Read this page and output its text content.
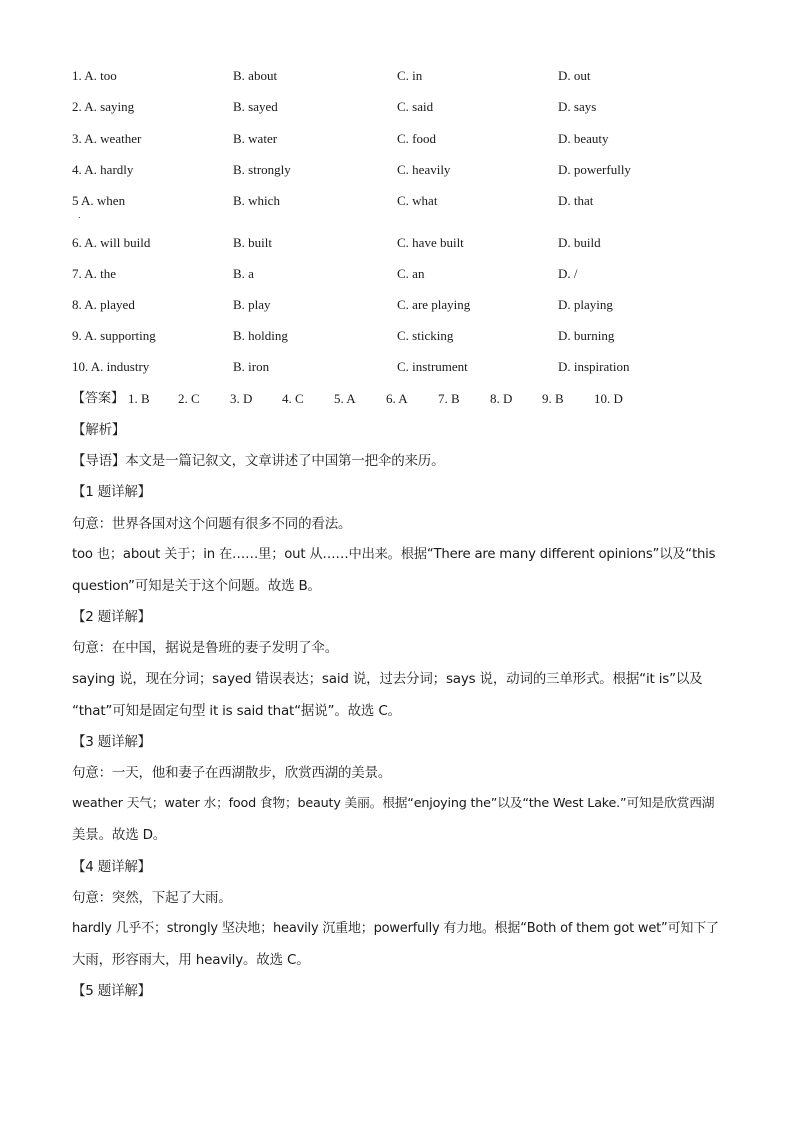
1. A. too	B. about	C. in	D. out
2. A. saying	B. sayed	C. said	D. says
3. A. weather	B. water	C. food	D. beauty
4. A. hardly	B. strongly	C. heavily	D. powerfully
5 A. when	B. which	C. what	D. that
.
6. A. will build	B. built	C. have built	D. build
7. A. the	B. a	C. an	D. /
8. A. played	B. play	C. are playing	D. playing
9. A. supporting	B. holding	C. sticking	D. burning
10. A. industry	B. iron	C. instrument	D. inspiration
【答案】 1. B 2. C 3. D 4. C 5. A 6. A 7. B 8. D 9. B 10. D
【解析】
【导语】本文是一篇记叙文，文章讲述了中国第一把伞的来历。
【1 题详解】
句意：世界各国对这个问题有很多不同的看法。
too 也；about 关于；in 在……里；out 从……中出来。根据“There are many different opinions”以及“this
question”可知是关于这个问题。故选 B。
【2 题详解】
句意：在中国，据说是鲁班的妻子发明了伞。
saying 说，现在分词；sayed 错误表达；said 说，过去分词；says 说，动词的三单形式。根据“it is”以及
“that”可知是固定句型 it is said that“据说”。故选 C。
【3 题详解】
句意：一天，他和妻子在西湖散步，欣赏西湖的美景。
weather 天气；water 水；food 食物；beauty 美丽。根据“enjoying the”以及“the West Lake.”可知是欣赏西湖
美景。故选 D。
【4 题详解】
句意：突然，下起了大雨。
hardly 几乎不；strongly 坚决地；heavily 沉重地；powerfully 有力地。根据“Both of them got wet”可知下了
大雨，形容雨大，用 heavily。故选 C。
【5 题详解】
